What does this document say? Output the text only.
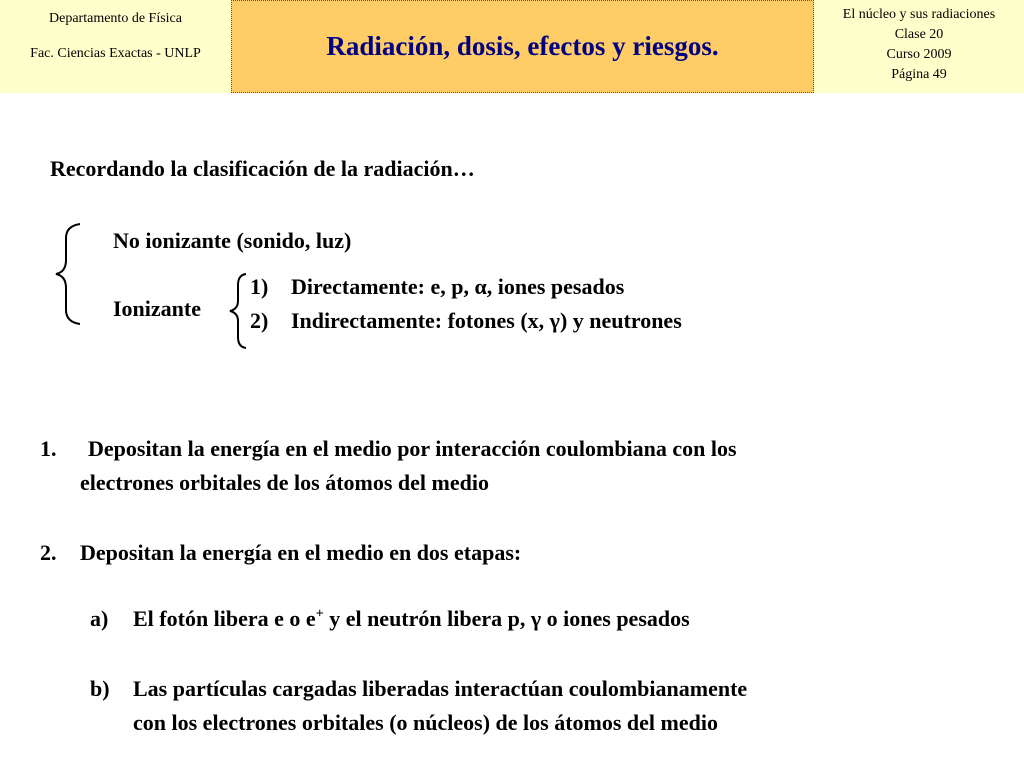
Departamento de Física
Fac. Ciencias Exactas - UNLP	Radiación, dosis, efectos y riesgos.
El núcleo y sus radiaciones
Clase 20
Curso 2009
Página 49
Recordando la clasificación de la radiación…
No ionizante (sonido, luz)
Ionizante
1) Directamente: e, p, α, iones pesados
2) Indirectamente: fotones (x, γ) y neutrones
1. Depositan la energía en el medio por interacción coulombiana con los
electrones orbitales de los átomos del medio
2. Depositan la energía en el medio en dos etapas:
a) El fotón libera e o e+ y el neutrón libera p, γ o iones pesados
b) Las partículas cargadas liberadas interactúan coulombianamente
con los electrones orbitales (o núcleos) de los átomos del medio
